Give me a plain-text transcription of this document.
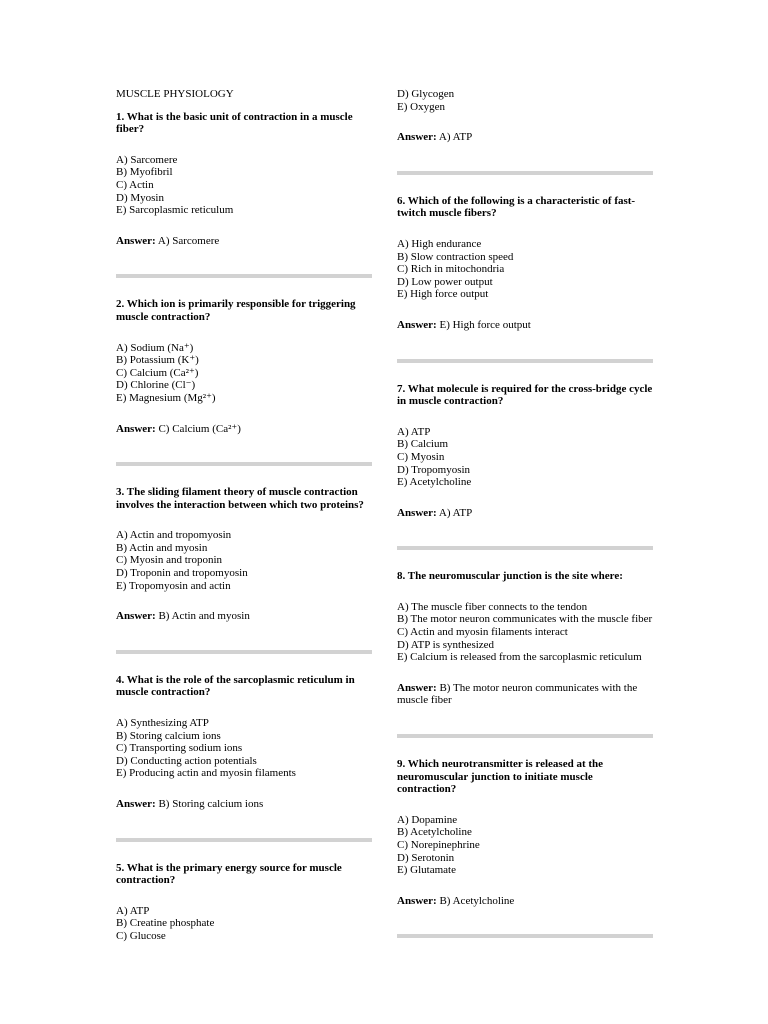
MUSCLE PHYSIOLOGY

1. What is the basic unit of contraction in a muscle fiber?

A) Sarcomere
B) Myofibril
C) Actin
D) Myosin
E) Sarcoplasmic reticulum

Answer: A) Sarcomere

2. Which ion is primarily responsible for triggering muscle contraction?

A) Sodium (Na⁺)
B) Potassium (K⁺)
C) Calcium (Ca²⁺)
D) Chlorine (Cl⁻)
E) Magnesium (Mg²⁺)

Answer: C) Calcium (Ca²⁺)

3. The sliding filament theory of muscle contraction involves the interaction between which two proteins?

A) Actin and tropomyosin
B) Actin and myosin
C) Myosin and troponin
D) Troponin and tropomyosin
E) Tropomyosin and actin

Answer: B) Actin and myosin

4. What is the role of the sarcoplasmic reticulum in muscle contraction?

A) Synthesizing ATP
B) Storing calcium ions
C) Transporting sodium ions
D) Conducting action potentials
E) Producing actin and myosin filaments

Answer: B) Storing calcium ions

5. What is the primary energy source for muscle contraction?

A) ATP
B) Creatine phosphate
C) Glucose
D) Glycogen
E) Oxygen

Answer: A) ATP

6. Which of the following is a characteristic of fast-twitch muscle fibers?

A) High endurance
B) Slow contraction speed
C) Rich in mitochondria
D) Low power output
E) High force output

Answer: E) High force output

7. What molecule is required for the cross-bridge cycle in muscle contraction?

A) ATP
B) Calcium
C) Myosin
D) Tropomyosin
E) Acetylcholine

Answer: A) ATP

8. The neuromuscular junction is the site where:

A) The muscle fiber connects to the tendon
B) The motor neuron communicates with the muscle fiber
C) Actin and myosin filaments interact
D) ATP is synthesized
E) Calcium is released from the sarcoplasmic reticulum

Answer: B) The motor neuron communicates with the muscle fiber

9. Which neurotransmitter is released at the neuromuscular junction to initiate muscle contraction?

A) Dopamine
B) Acetylcholine
C) Norepinephrine
D) Serotonin
E) Glutamate

Answer: B) Acetylcholine
